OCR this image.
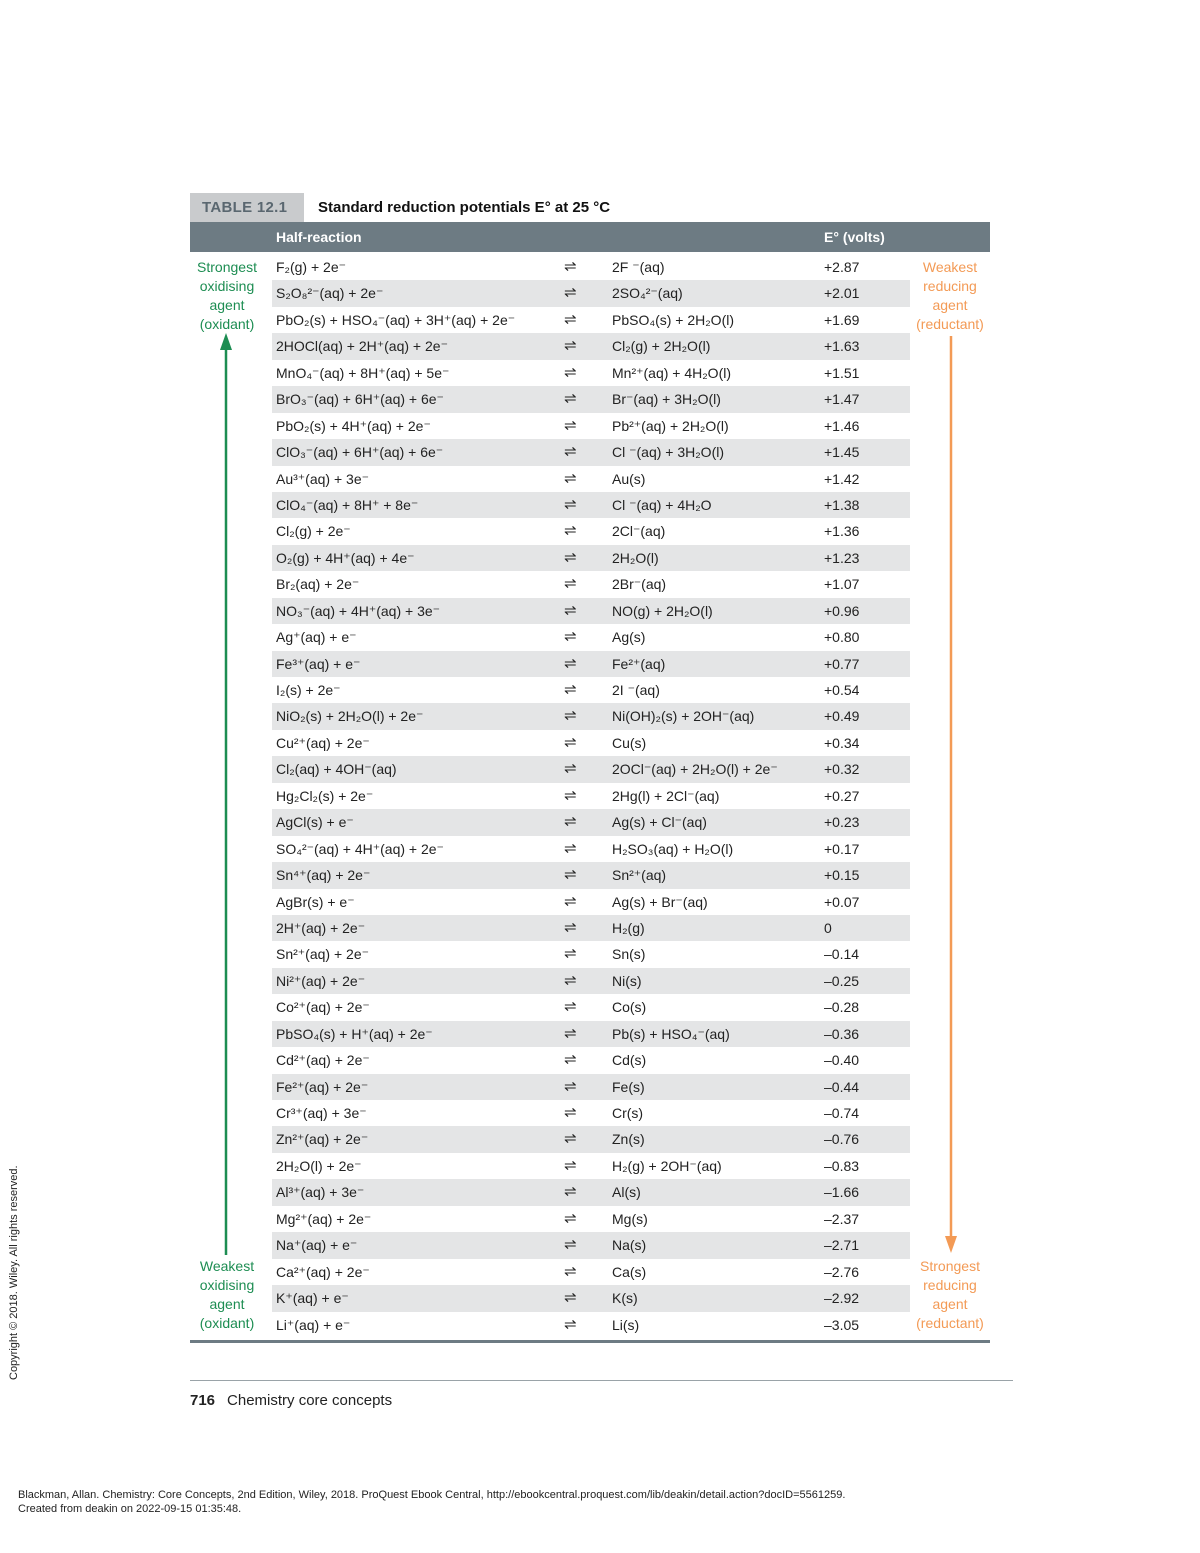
TABLE 12.1	Standard reduction potentials E° at 25 °C
Half-reaction	E° (volts)
F₂(g) + 2e⁻	⇌	2F ⁻(aq)	+2.87
S₂O₈²⁻(aq) + 2e⁻	⇌	2SO₄²⁻(aq)	+2.01
PbO₂(s) + HSO₄⁻(aq) + 3H⁺(aq) + 2e⁻	⇌	PbSO₄(s) + 2H₂O(l)	+1.69
2HOCl(aq) + 2H⁺(aq) + 2e⁻	⇌	Cl₂(g) + 2H₂O(l)	+1.63
MnO₄⁻(aq) + 8H⁺(aq) + 5e⁻	⇌	Mn²⁺(aq) + 4H₂O(l)	+1.51
BrO₃⁻(aq) + 6H⁺(aq) + 6e⁻	⇌	Br⁻(aq) + 3H₂O(l)	+1.47
PbO₂(s) + 4H⁺(aq) + 2e⁻	⇌	Pb²⁺(aq) + 2H₂O(l)	+1.46
ClO₃⁻(aq) + 6H⁺(aq) + 6e⁻	⇌	Cl ⁻(aq) + 3H₂O(l)	+1.45
Au³⁺(aq) + 3e⁻	⇌	Au(s)	+1.42
ClO₄⁻(aq) + 8H⁺ + 8e⁻	⇌	Cl ⁻(aq) + 4H₂O	+1.38
Cl₂(g) + 2e⁻	⇌	2Cl⁻(aq)	+1.36
O₂(g) + 4H⁺(aq) + 4e⁻	⇌	2H₂O(l)	+1.23
Br₂(aq) + 2e⁻	⇌	2Br⁻(aq)	+1.07
NO₃⁻(aq) + 4H⁺(aq) + 3e⁻	⇌	NO(g) + 2H₂O(l)	+0.96
Ag⁺(aq) + e⁻	⇌	Ag(s)	+0.80
Fe³⁺(aq) + e⁻	⇌	Fe²⁺(aq)	+0.77
I₂(s) + 2e⁻	⇌	2I ⁻(aq)	+0.54
NiO₂(s) + 2H₂O(l) + 2e⁻	⇌	Ni(OH)₂(s) + 2OH⁻(aq)	+0.49
Cu²⁺(aq) + 2e⁻	⇌	Cu(s)	+0.34
Cl₂(aq) + 4OH⁻(aq)	⇌	2OCl⁻(aq) + 2H₂O(l) + 2e⁻	+0.32
Hg₂Cl₂(s) + 2e⁻	⇌	2Hg(l) + 2Cl⁻(aq)	+0.27
AgCl(s) + e⁻	⇌	Ag(s) + Cl⁻(aq)	+0.23
SO₄²⁻(aq) + 4H⁺(aq) + 2e⁻	⇌	H₂SO₃(aq) + H₂O(l)	+0.17
Sn⁴⁺(aq) + 2e⁻	⇌	Sn²⁺(aq)	+0.15
AgBr(s) + e⁻	⇌	Ag(s) + Br⁻(aq)	+0.07
2H⁺(aq) + 2e⁻	⇌	H₂(g)	0
Sn²⁺(aq) + 2e⁻	⇌	Sn(s)	–0.14
Ni²⁺(aq) + 2e⁻	⇌	Ni(s)	–0.25
Co²⁺(aq) + 2e⁻	⇌	Co(s)	–0.28
PbSO₄(s) + H⁺(aq) + 2e⁻	⇌	Pb(s) + HSO₄⁻(aq)	–0.36
Cd²⁺(aq) + 2e⁻	⇌	Cd(s)	–0.40
Fe²⁺(aq) + 2e⁻	⇌	Fe(s)	–0.44
Cr³⁺(aq) + 3e⁻	⇌	Cr(s)	–0.74
Zn²⁺(aq) + 2e⁻	⇌	Zn(s)	–0.76
2H₂O(l) + 2e⁻	⇌	H₂(g) + 2OH⁻(aq)	–0.83
Al³⁺(aq) + 3e⁻	⇌	Al(s)	–1.66
Mg²⁺(aq) + 2e⁻	⇌	Mg(s)	–2.37
Na⁺(aq) + e⁻	⇌	Na(s)	–2.71
Ca²⁺(aq) + 2e⁻	⇌	Ca(s)	–2.76
K⁺(aq) + e⁻	⇌	K(s)	–2.92
Li⁺(aq) + e⁻	⇌	Li(s)	–3.05
Strongest
oxidising
agent
(oxidant)
Weakest
oxidising
agent
(oxidant)
Weakest
reducing
agent
(reductant)
Strongest
reducing
agent
(reductant)
716 Chemistry core concepts
Copyright © 2018. Wiley. All rights reserved.
Blackman, Allan. Chemistry: Core Concepts, 2nd Edition, Wiley, 2018. ProQuest Ebook Central, http://ebookcentral.proquest.com/lib/deakin/detail.action?docID=5561259.
Created from deakin on 2022-09-15 01:35:48.
